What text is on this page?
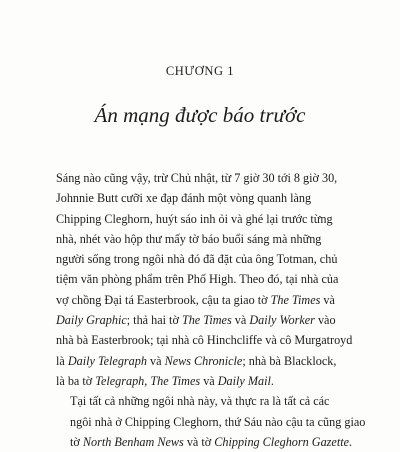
CHƯƠNG 1
Án mạng được báo trước

Sáng nào cũng vậy, trừ Chủ nhật, từ 7 giờ 30 tới 8 giờ 30,
Johnnie Butt cưỡi xe đạp đánh một vòng quanh làng
Chipping Cleghorn, huýt sáo inh ỏi và ghé lại trước từng
nhà, nhét vào hộp thư mấy tờ báo buổi sáng mà những
người sống trong ngôi nhà đó đã đặt của ông Totman, chủ
tiệm văn phòng phẩm trên Phố High. Theo đó, tại nhà của
vợ chồng Đại tá Easterbrook, cậu ta giao tờ The Times và
Daily Graphic; thả hai tờ The Times và Daily Worker vào
nhà bà Easterbrook; tại nhà cô Hinchcliffe và cô Murgatroyd
là Daily Telegraph và News Chronicle; nhà bà Blacklock,
là ba tờ Telegraph, The Times và Daily Mail.

Tại tất cả những ngôi nhà này, và thực ra là tất cả các
ngôi nhà ở Chipping Cleghorn, thứ Sáu nào cậu ta cũng giao
tờ North Benham News và tờ Chipping Cleghorn Gazette.
